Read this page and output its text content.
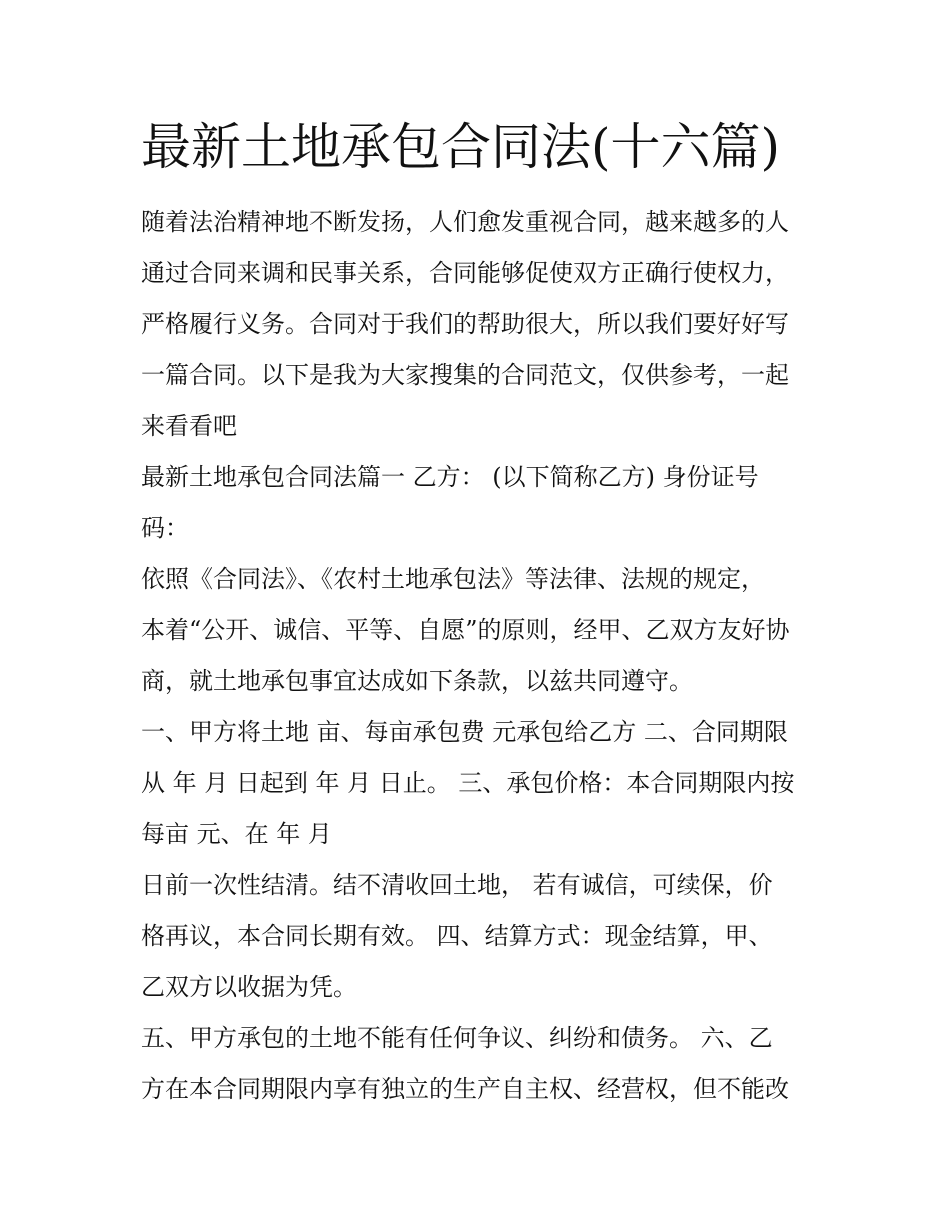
最新土地承包合同法(十六篇)
随着法治精神地不断发扬，人们愈发重视合同，越来越多的人
通过合同来调和民事关系，合同能够促使双方正确行使权力，
严格履行义务。合同对于我们的帮助很大，所以我们要好好写
一篇合同。以下是我为大家搜集的合同范文，仅供参考，一起
来看看吧
最新土地承包合同法篇一 乙方： (以下简称乙方) 身份证号
码：
依照《合同法》、《农村土地承包法》等法律、法规的规定，
本着“公开、诚信、平等、自愿”的原则，经甲、乙双方友好协
商，就土地承包事宜达成如下条款，以兹共同遵守。
一、甲方将土地 亩、每亩承包费 元承包给乙方 二、合同期限
从 年 月 日起到 年 月 日止。 三、承包价格：本合同期限内按
每亩 元、在 年 月
日前一次性结清。结不清收回土地， 若有诚信，可续保，价
格再议，本合同长期有效。 四、结算方式：现金结算，甲、
乙双方以收据为凭。
五、甲方承包的土地不能有任何争议、纠纷和债务。 六、乙
方在本合同期限内享有独立的生产自主权、经营权，但不能改
